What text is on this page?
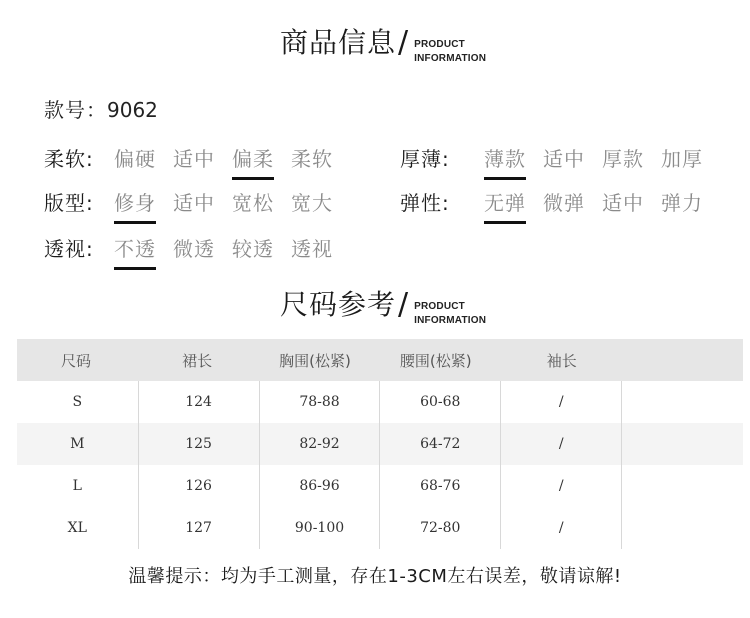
商品信息 / PRODUCT
INFORMATION
款号：9062
柔软:	偏硬 适中 偏柔 柔软
版型:	修身 适中 宽松 宽大
透视:	不透 微透 较透 透视
厚薄:	薄款 适中 厚款 加厚
弹性:	无弹 微弹 适中 弹力
尺码参考 / PRODUCT
INFORMATION
尺码	裙长	胸围(松紧)	腰围(松紧)	袖长	
S	124	78-88	60-68	/	
M	125	82-92	64-72	/	
L	126	86-96	68-76	/	
XL	127	90-100	72-80	/	
温馨提示：均为手工测量，存在1-3CM左右误差，敬请谅解!
